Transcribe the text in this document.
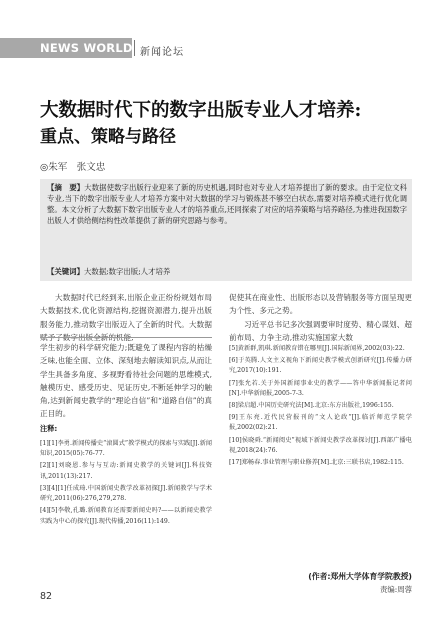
NEWS WORLD 新闻论坛
大数据时代下的数字出版专业人才培养:
重点、策略与路径
◎朱军　张文忠
【摘　要】大数据使数字出版行业迎来了新的历史机遇,同时也对专业人才培养提出了新的要求。由于定位文科专业,当下的数字出版专业人才培养方案中对大数据的学习与锻炼甚不够空白状态,需要对培养模式进行优化调整。本文分析了大数据下数字出版专业人才的培养重点,还同探索了对应的培养策略与培养路径,为推进我国数字出版人才供给侧结构性改革提供了新的研究思路与参考。
【关键词】大数据;数字出版;人才培养

大数据时代已经到来,出版企业正纷纷规划布局大数据技术,优化资源结构,挖掘资源潜力,提升出版服务能力,推动数字出版迈入了全新的时代。大数据

促使其在商业性、出版形态以及营销服务等方面呈现更为个性、多元之势。

习近平总书记多次强调要审时度势、精心谋划、超前布局、力争主动,推动实施国家大数

学生初步的科学研究能力;既避免了课程内容的枯燥乏味,也能全面、立体、深刻地去解读知识点,从而让学生具备多角度、多视野看待社会问题的思维模式,触模历史、感受历史、见证历史,不断延伸学习的触角,达到新闻史教学的“理论自信”和“道路自信”的真正目的。

注释:
[1][1]李勇.新闻传播史“滚圆式”教学模式的探索与实践[J].新闻知识,2015(05):76-77.
[2][1]刘晓恩.参与与互动:新闻史教学的关键词[J].科技资讯,2011(13):217.
[3][4][1]任成琦.中国新闻史教学改革初探[J].新闻教学与学术研究,2011(06):276,279,278.
[4][5]李敬,孔璐.新闻教育还需要新闻史吗?——以新闻史教学实践为中心的探究[J].现代传播,2016(11):149.
[5]黄新群,凯琪.新闻教育错在哪里[J].国际新闻界,2002(03):22.
[6]于英腾.人文主义视角下新闻史教学模式创新研究[J].传播力研究,2017(10):191.
[7]张允若.关于外国新闻事业史的教学——答中华新闻报记者问[N].中华新闻报,2005-7-3.
[8]梁启超.中国历史研究法[M].北京:东方出版社,1996:155.
[9]王东亮.近代民营报刊的“文人论政”[J].临沂师范学院学报,2002(02):21.
[10]侯晓舜.“新闻阅史”视域下新闻史教学改革探讨[J].西部广播电视,2018(24):76.
[17]郑畅春.事业管理与职业修养[M].北京:三联书店,1982:115.
(作者:郑州大学体育学院教授)
责编:周蓉
82
